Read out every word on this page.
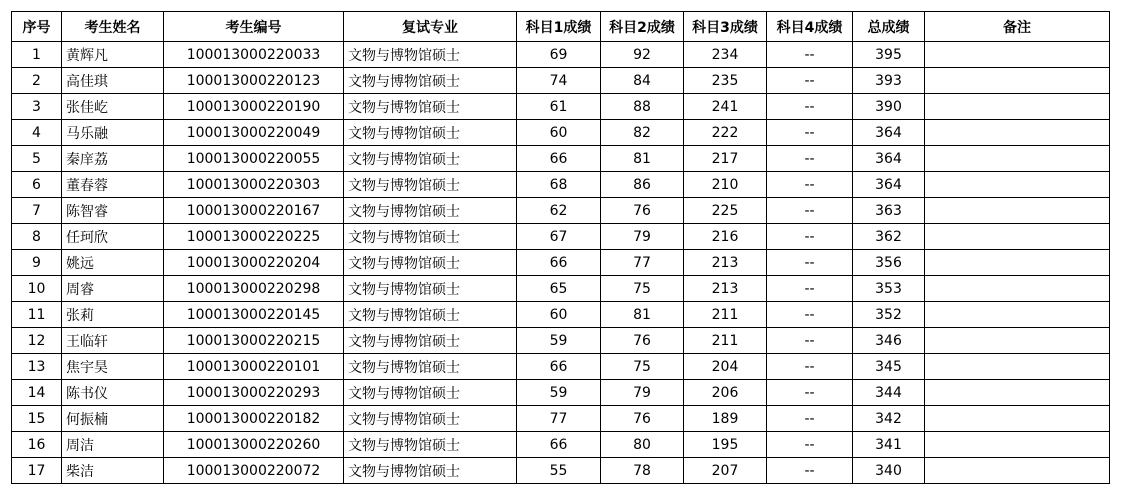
序号	考生姓名	考生编号	复试专业	科目1成绩	科目2成绩	科目3成绩	科目4成绩	总成绩	备注
1	黄辉凡	100013000220033	文物与博物馆硕士	69	92	234	--	395	
2	高佳琪	100013000220123	文物与博物馆硕士	74	84	235	--	393	
3	张佳屹	100013000220190	文物与博物馆硕士	61	88	241	--	390	
4	马乐融	100013000220049	文物与博物馆硕士	60	82	222	--	364	
5	秦庠荔	100013000220055	文物与博物馆硕士	66	81	217	--	364	
6	董春蓉	100013000220303	文物与博物馆硕士	68	86	210	--	364	
7	陈智睿	100013000220167	文物与博物馆硕士	62	76	225	--	363	
8	任珂欣	100013000220225	文物与博物馆硕士	67	79	216	--	362	
9	姚远	100013000220204	文物与博物馆硕士	66	77	213	--	356	
10	周睿	100013000220298	文物与博物馆硕士	65	75	213	--	353	
11	张莉	100013000220145	文物与博物馆硕士	60	81	211	--	352	
12	王临轩	100013000220215	文物与博物馆硕士	59	76	211	--	346	
13	焦宇昊	100013000220101	文物与博物馆硕士	66	75	204	--	345	
14	陈书仪	100013000220293	文物与博物馆硕士	59	79	206	--	344	
15	何振楠	100013000220182	文物与博物馆硕士	77	76	189	--	342	
16	周洁	100013000220260	文物与博物馆硕士	66	80	195	--	341	
17	柴洁	100013000220072	文物与博物馆硕士	55	78	207	--	340	
